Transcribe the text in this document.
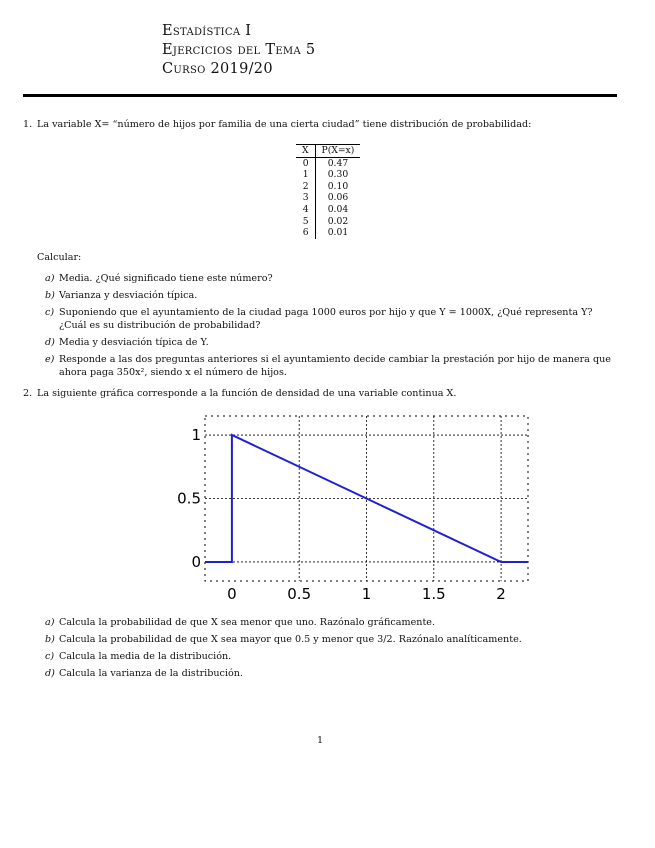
Estadística I
Ejercicios del Tema 5
Curso 2019/20
1. La variable X= “número de hijos por familia de una cierta ciudad” tiene distribución de probabilidad:
X	P(X=x)
0	0.47
1	0.30
2	0.10
3	0.06
4	0.04
5	0.02
6	0.01
Calcular:
a) Media. ¿Qué significado tiene este número?
b) Varianza y desviación típica.
c) Suponiendo que el ayuntamiento de la ciudad paga 1000 euros por hijo y que Y = 1000X, ¿Qué representa Y? ¿Cuál es su distribución de probabilidad?
d) Media y desviación típica de Y.
e) Responde a las dos preguntas anteriores si el ayuntamiento decide cambiar la prestación por hijo de manera que ahora paga 350x², siendo x el número de hijos.
2. La siguiente gráfica corresponde a la función de densidad de una variable continua X.
0	0.5	1	1.5	2
0
0.5
1
a) Calcula la probabilidad de que X sea menor que uno. Razónalo gráficamente.
b) Calcula la probabilidad de que X sea mayor que 0.5 y menor que 3/2. Razónalo analíticamente.
c) Calcula la media de la distribución.
d) Calcula la varianza de la distribución.
1
